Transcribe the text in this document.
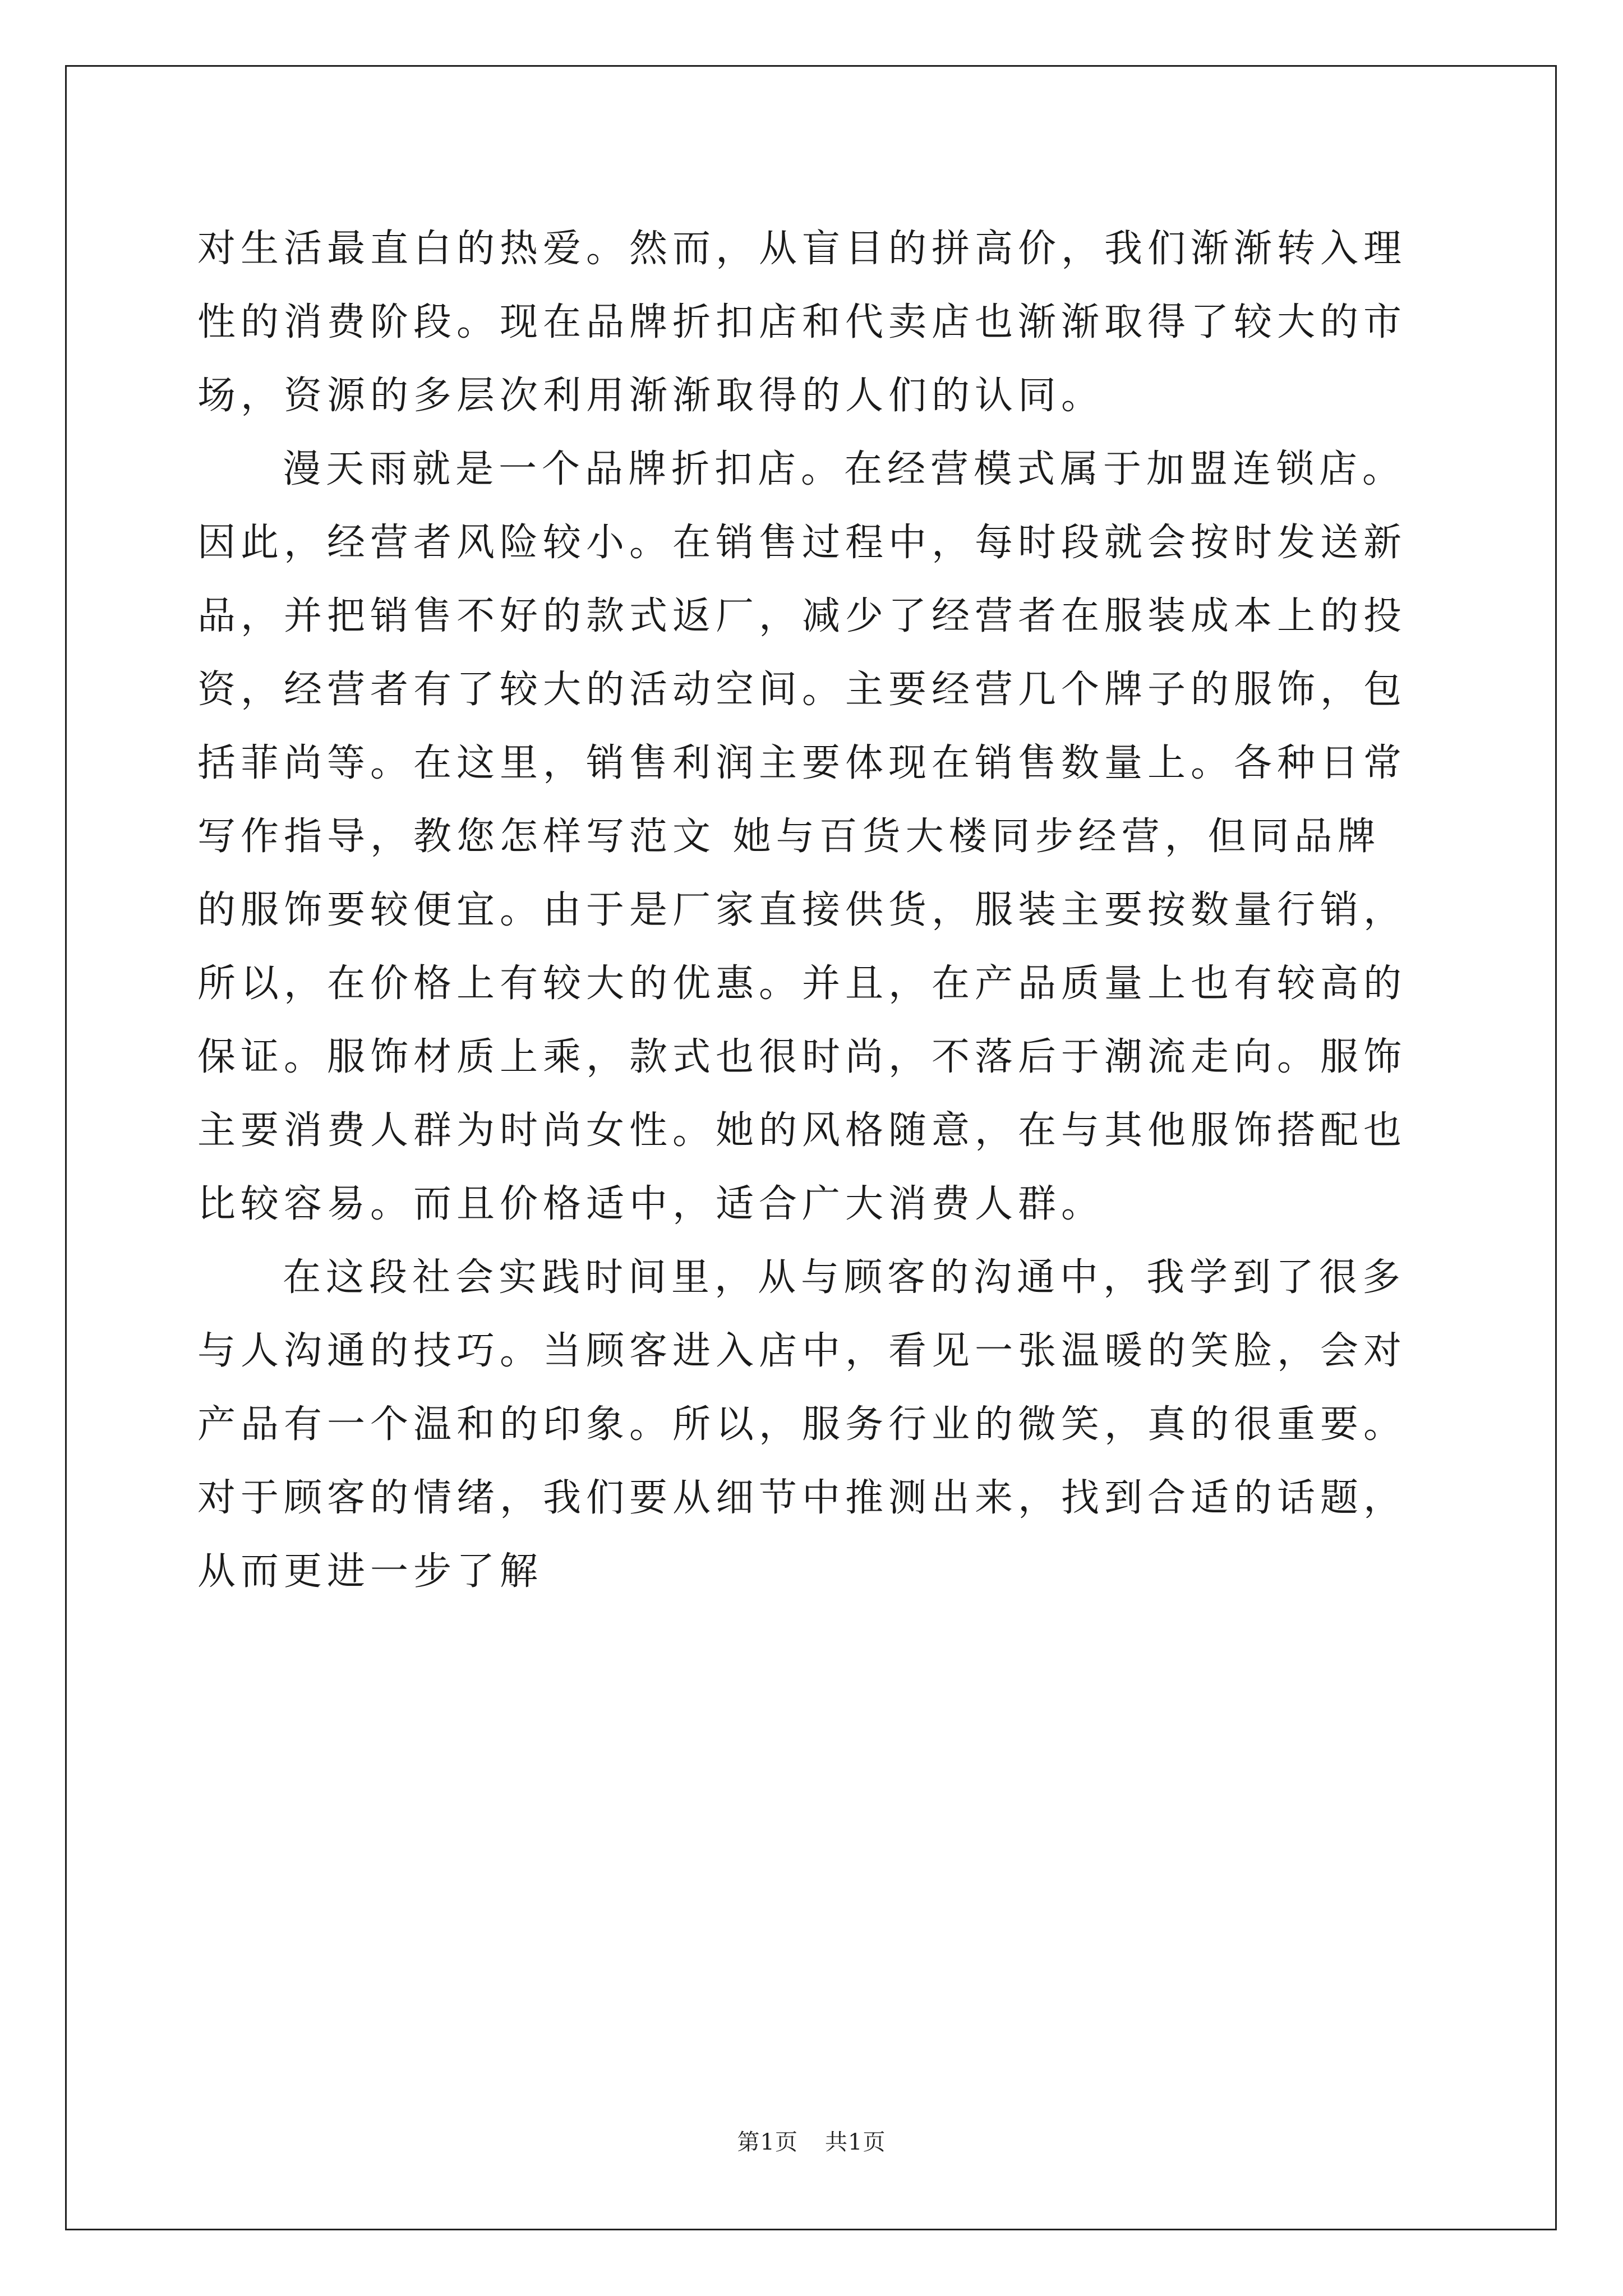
对生活最直白的热爱。然而，从盲目的拼高价，我们渐渐转入理性的消费阶段。现在品牌折扣店和代卖店也渐渐取得了较大的市场，资源的多层次利用渐渐取得的人们的认同。

漫天雨就是一个品牌折扣店。在经营模式属于加盟连锁店。因此，经营者风险较小。在销售过程中，每时段就会按时发送新品，并把销售不好的款式返厂，减少了经营者在服装成本上的投资，经营者有了较大的活动空间。主要经营几个牌子的服饰，包括菲尚等。在这里，销售利润主要体现在销售数量上。各种日常写作指导，教您怎样写范文 她与百货大楼同步经营，但同品牌的服饰要较便宜。由于是厂家直接供货，服装主要按数量行销，所以，在价格上有较大的优惠。并且，在产品质量上也有较高的保证。服饰材质上乘，款式也很时尚，不落后于潮流走向。服饰主要消费人群为时尚女性。她的风格随意，在与其他服饰搭配也比较容易。而且价格适中，适合广大消费人群。

在这段社会实践时间里，从与顾客的沟通中，我学到了很多与人沟通的技巧。当顾客进入店中，看见一张温暖的笑脸，会对产品有一个温和的印象。所以，服务行业的微笑，真的很重要。对于顾客的情绪，我们要从细节中推测出来，找到合适的话题，从而更进一步了解

第1页 共1页
